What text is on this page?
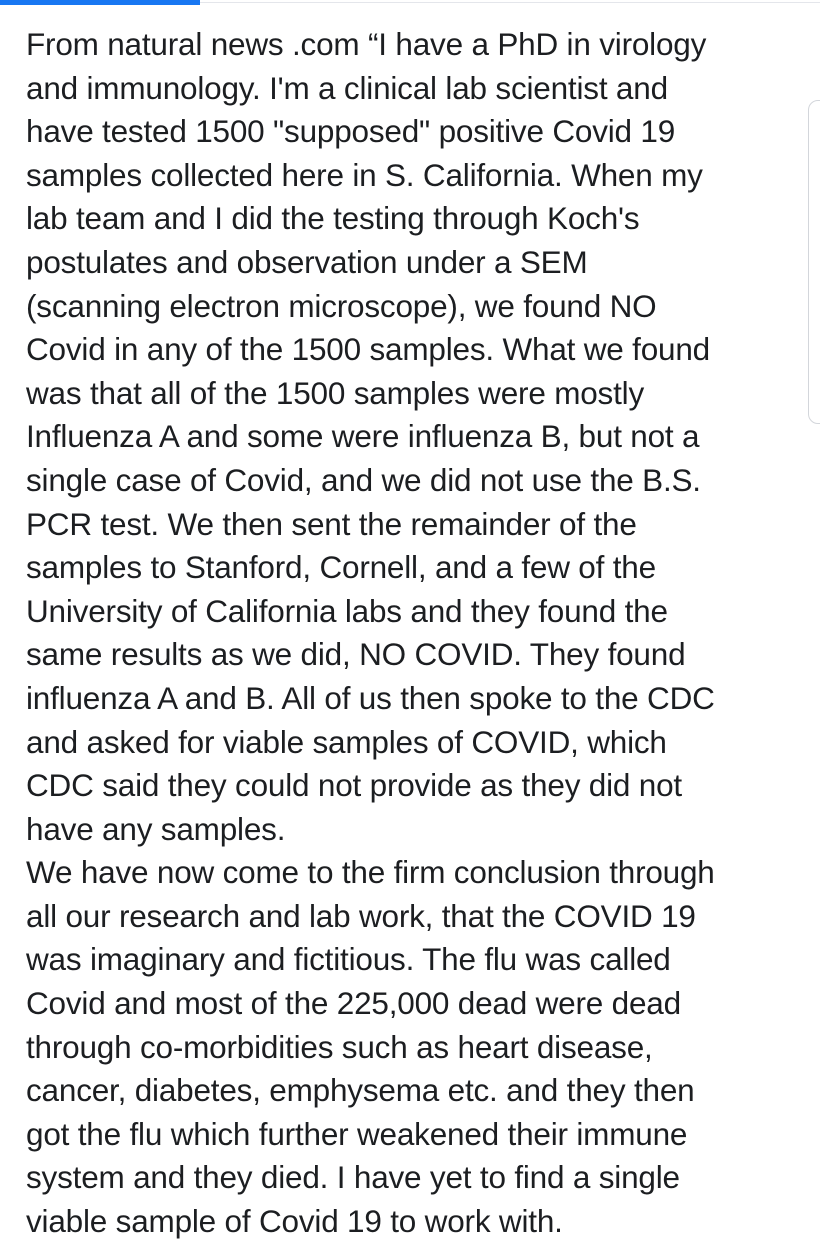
From natural news .com “I have a PhD in virology
and immunology. I'm a clinical lab scientist and
have tested 1500 "supposed" positive Covid 19
samples collected here in S. California. When my
lab team and I did the testing through Koch's
postulates and observation under a SEM
(scanning electron microscope), we found NO
Covid in any of the 1500 samples. What we found
was that all of the 1500 samples were mostly
Influenza A and some were influenza B, but not a
single case of Covid, and we did not use the B.S.
PCR test. We then sent the remainder of the
samples to Stanford, Cornell, and a few of the
University of California labs and they found the
same results as we did, NO COVID. They found
influenza A and B. All of us then spoke to the CDC
and asked for viable samples of COVID, which
CDC said they could not provide as they did not
have any samples.
We have now come to the firm conclusion through
all our research and lab work, that the COVID 19
was imaginary and fictitious. The flu was called
Covid and most of the 225,000 dead were dead
through co-morbidities such as heart disease,
cancer, diabetes, emphysema etc. and they then
got the flu which further weakened their immune
system and they died. I have yet to find a single
viable sample of Covid 19 to work with.
